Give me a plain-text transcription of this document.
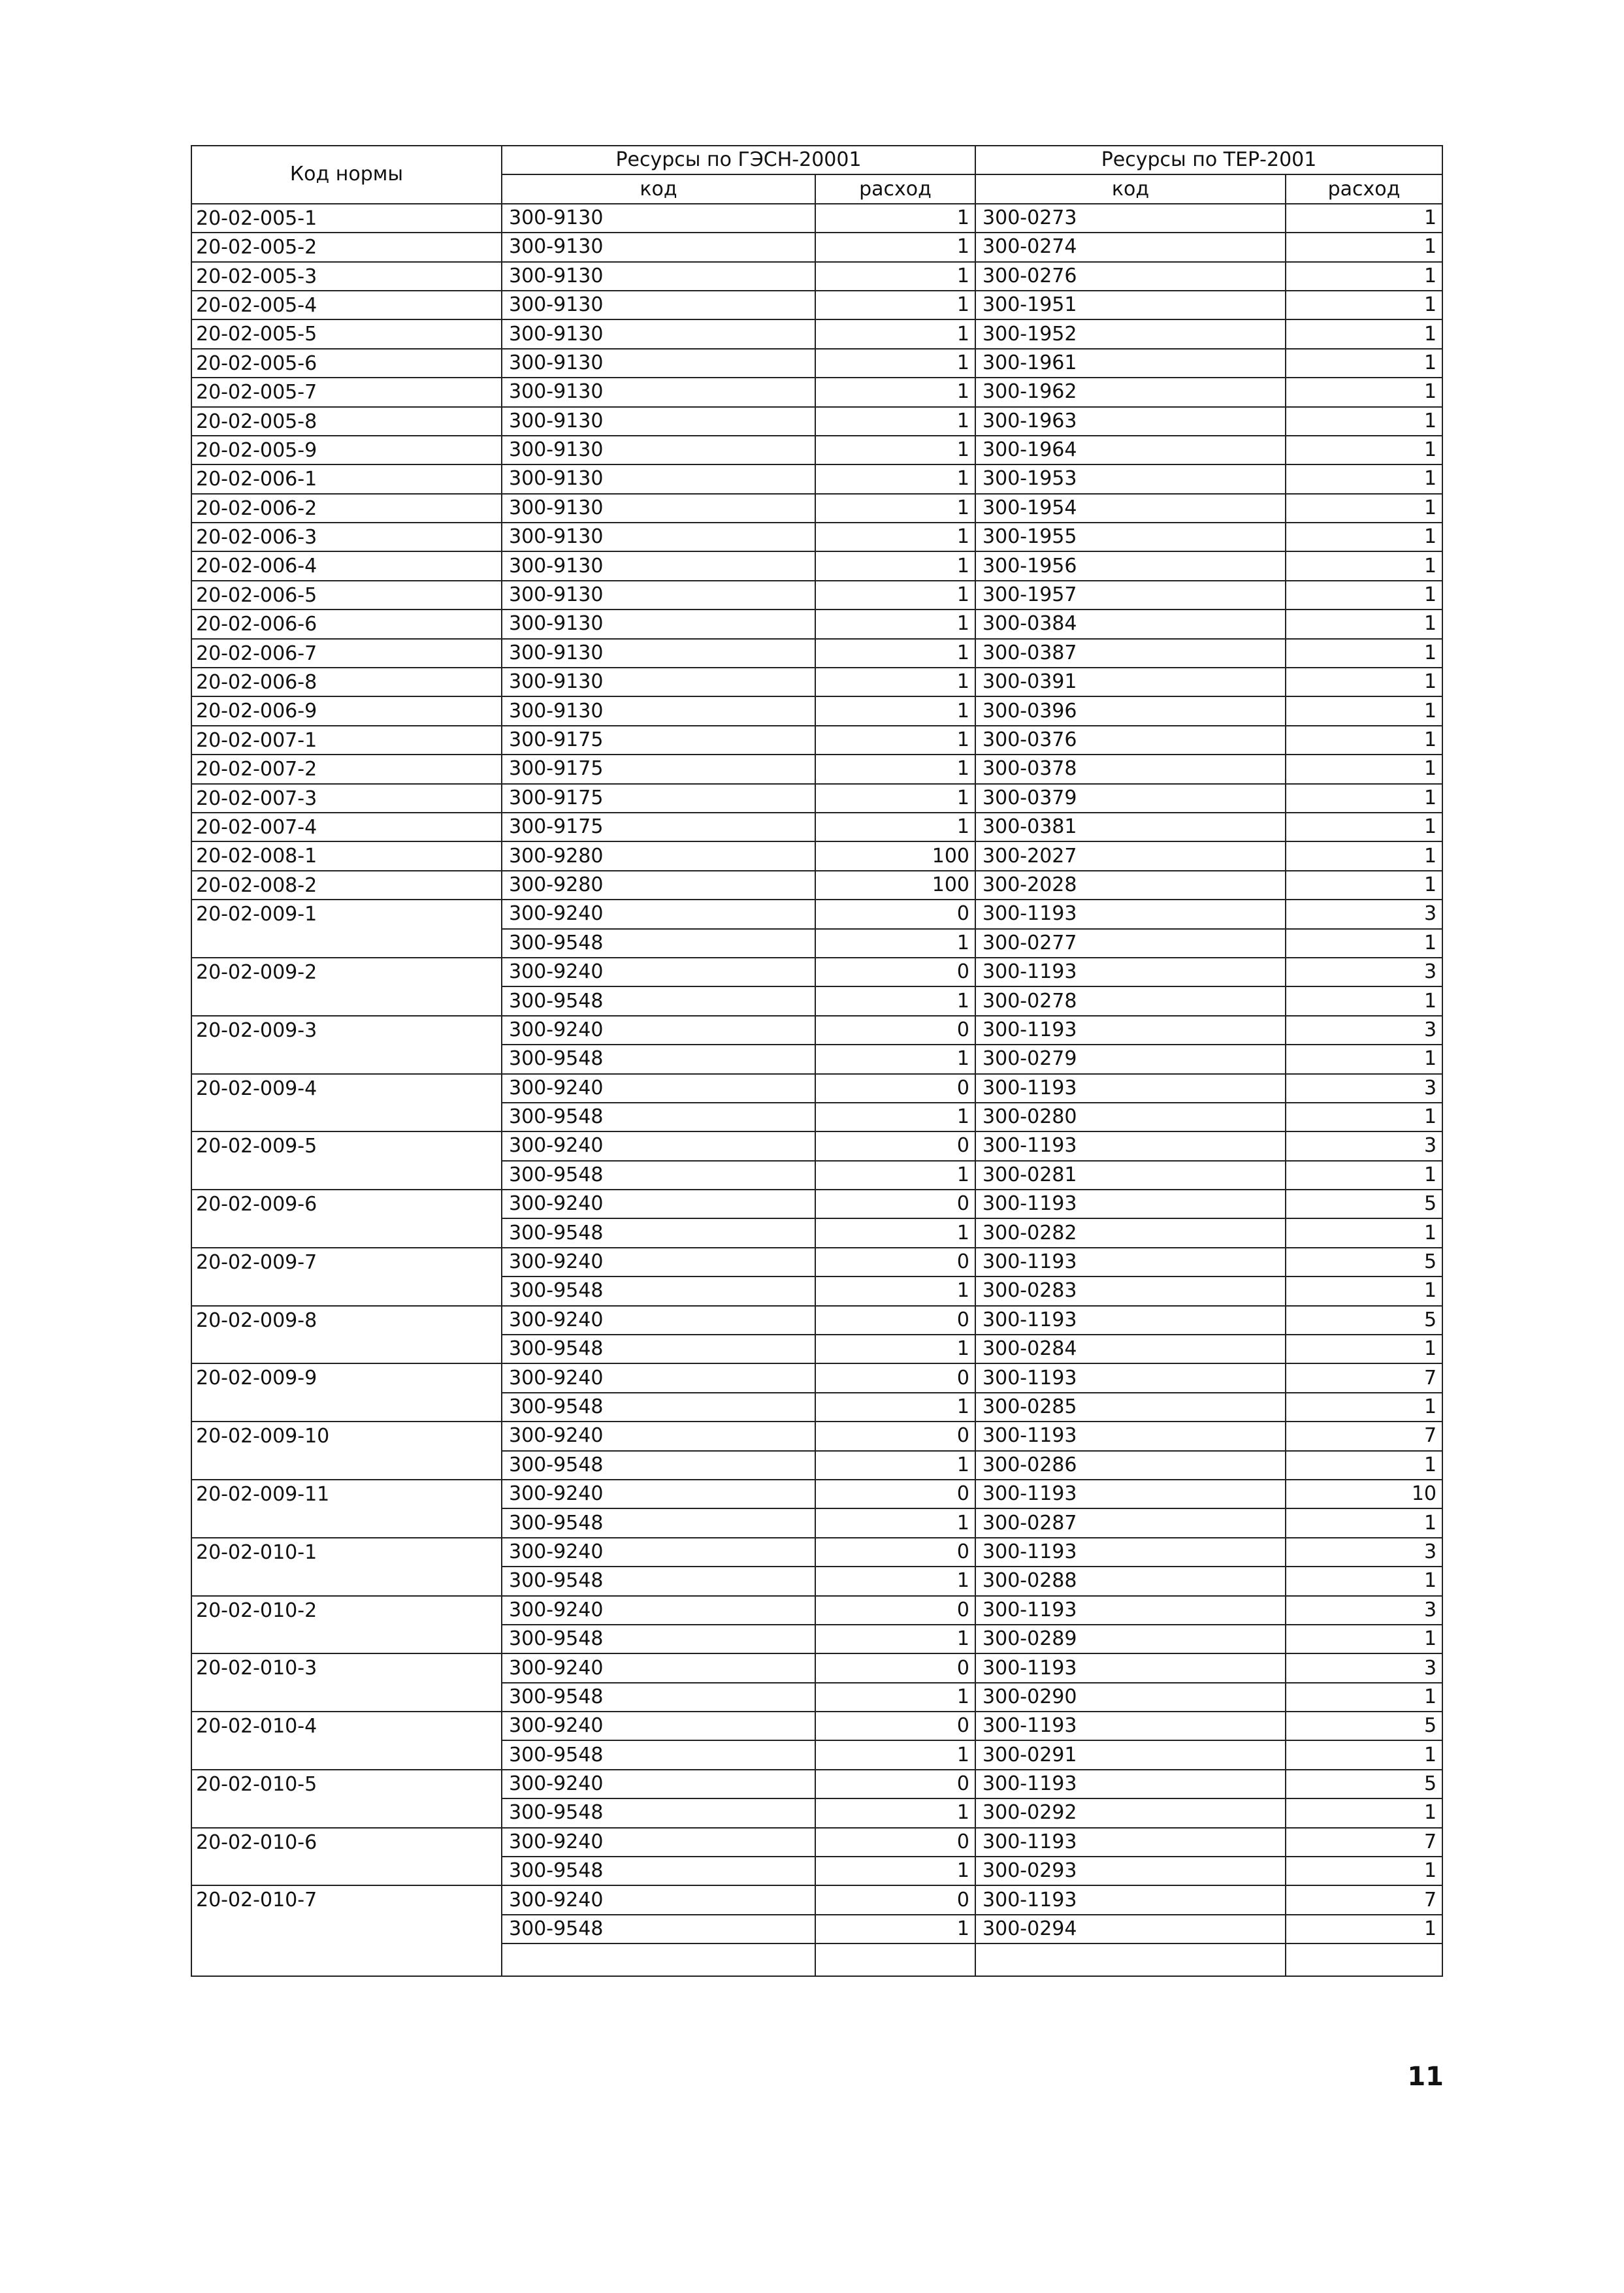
Код нормы	Ресурсы по ГЭСН-20001		Ресурсы по ТЕР-2001	
	код	расход	код	расход
20-02-005-1	300-9130	1	300-0273	1
20-02-005-2	300-9130	1	300-0274	1
20-02-005-3	300-9130	1	300-0276	1
20-02-005-4	300-9130	1	300-1951	1
20-02-005-5	300-9130	1	300-1952	1
20-02-005-6	300-9130	1	300-1961	1
20-02-005-7	300-9130	1	300-1962	1
20-02-005-8	300-9130	1	300-1963	1
20-02-005-9	300-9130	1	300-1964	1
20-02-006-1	300-9130	1	300-1953	1
20-02-006-2	300-9130	1	300-1954	1
20-02-006-3	300-9130	1	300-1955	1
20-02-006-4	300-9130	1	300-1956	1
20-02-006-5	300-9130	1	300-1957	1
20-02-006-6	300-9130	1	300-0384	1
20-02-006-7	300-9130	1	300-0387	1
20-02-006-8	300-9130	1	300-0391	1
20-02-006-9	300-9130	1	300-0396	1
20-02-007-1	300-9175	1	300-0376	1
20-02-007-2	300-9175	1	300-0378	1
20-02-007-3	300-9175	1	300-0379	1
20-02-007-4	300-9175	1	300-0381	1
20-02-008-1	300-9280	100	300-2027	1
20-02-008-2	300-9280	100	300-2028	1
20-02-009-1	300-9240	0	300-1193	3
	300-9548	1	300-0277	1
20-02-009-2	300-9240	0	300-1193	3
	300-9548	1	300-0278	1
20-02-009-3	300-9240	0	300-1193	3
	300-9548	1	300-0279	1
20-02-009-4	300-9240	0	300-1193	3
	300-9548	1	300-0280	1
20-02-009-5	300-9240	0	300-1193	3
	300-9548	1	300-0281	1
20-02-009-6	300-9240	0	300-1193	5
	300-9548	1	300-0282	1
20-02-009-7	300-9240	0	300-1193	5
	300-9548	1	300-0283	1
20-02-009-8	300-9240	0	300-1193	5
	300-9548	1	300-0284	1
20-02-009-9	300-9240	0	300-1193	7
	300-9548	1	300-0285	1
20-02-009-10	300-9240	0	300-1193	7
	300-9548	1	300-0286	1
20-02-009-11	300-9240	0	300-1193	10
	300-9548	1	300-0287	1
20-02-010-1	300-9240	0	300-1193	3
	300-9548	1	300-0288	1
20-02-010-2	300-9240	0	300-1193	3
	300-9548	1	300-0289	1
20-02-010-3	300-9240	0	300-1193	3
	300-9548	1	300-0290	1
20-02-010-4	300-9240	0	300-1193	5
	300-9548	1	300-0291	1
20-02-010-5	300-9240	0	300-1193	5
	300-9548	1	300-0292	1
20-02-010-6	300-9240	0	300-1193	7
	300-9548	1	300-0293	1
20-02-010-7	300-9240	0	300-1193	7
	300-9548	1	300-0294	1

11
